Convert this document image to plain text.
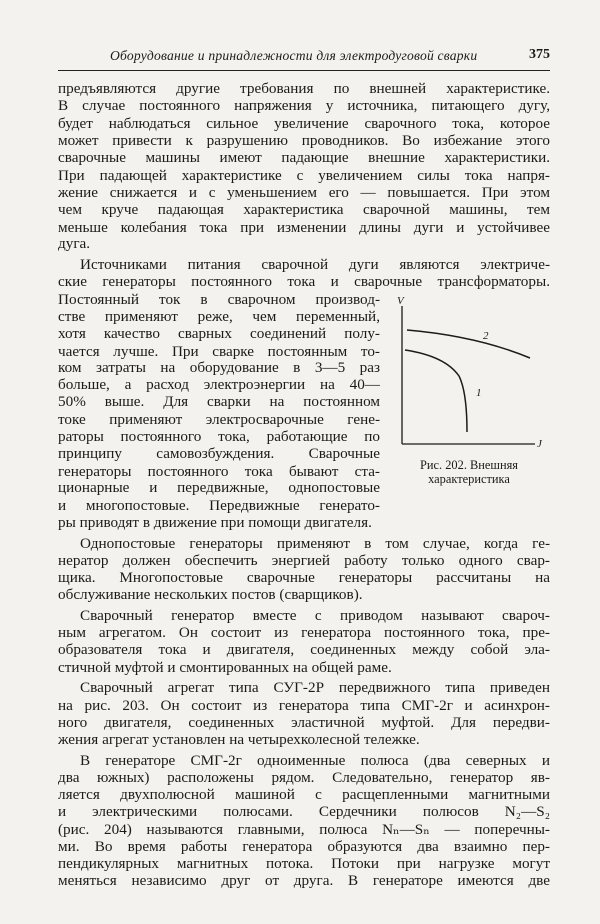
Оборудование и принадлежности для электродуговой сварки	375
предъявляются другие требования по внешней характеристике.
В случае постоянного напряжения у источника, питающего дугу,
будет наблюдаться сильное увеличение сварочного тока, которое
может привести к разрушению проводников. Во избежание этого
сварочные машины имеют падающие внешние характеристики.
При падающей характеристике с увеличением силы тока напря-
жение снижается и с уменьшением его — повышается. При этом
чем круче падающая характеристика сварочной машины, тем
меньше колебания тока при изменении длины дуги и устойчивее
дуга.
Источниками питания сварочной дуги являются электриче-
ские генераторы постоянного тока и сварочные трансформаторы.
Постоянный ток в сварочном производ-
стве применяют реже, чем переменный,
хотя качество сварных соединений полу-
чается лучше. При сварке постоянным то-
ком затраты на оборудование в 3—5 раз
больше, а расход электроэнергии на 40—
50% выше. Для сварки на постоянном
токе применяют электросварочные гене-
раторы постоянного тока, работающие по
принципу самовозбуждения. Сварочные
генераторы постоянного тока бывают ста-
ционарные и передвижные, однопостовые
и многопостовые. Передвижные генерато-
ры приводят в движение при помощи двигателя.
Однопостовые генераторы применяют в том случае, когда ге-
нератор должен обеспечить энергией работу только одного свар-
щика. Многопостовые сварочные генераторы рассчитаны на
обслуживание нескольких постов (сварщиков).
Сварочный генератор вместе с приводом называют свароч-
ным агрегатом. Он состоит из генератора постоянного тока, пре-
образователя тока и двигателя, соединенных между собой эла-
стичной муфтой и смонтированных на общей раме.
Сварочный агрегат типа СУГ-2Р передвижного типа приведен
на рис. 203. Он состоит из генератора типа СМГ-2г и асинхрон-
ного двигателя, соединенных эластичной муфтой. Для передви-
жения агрегат установлен на четырехколесной тележке.
В генераторе СМГ-2г одноименные полюса (два северных и
два южных) расположены рядом. Следовательно, генератор яв-
ляется двухполюсной машиной с расщепленными магнитными
и электрическими полюсами. Сердечники полюсов N₂—S₂
(рис. 204) называются главными, полюса Nₙ—Sₙ — поперечны-
ми. Во время работы генератора образуются два взаимно пер-
пендикулярных магнитных потока. Потоки при нагрузке могут
меняться независимо друг от друга. В генераторе имеются две
V
J
2
1
Рис. 202. Внешняя
характеристика
